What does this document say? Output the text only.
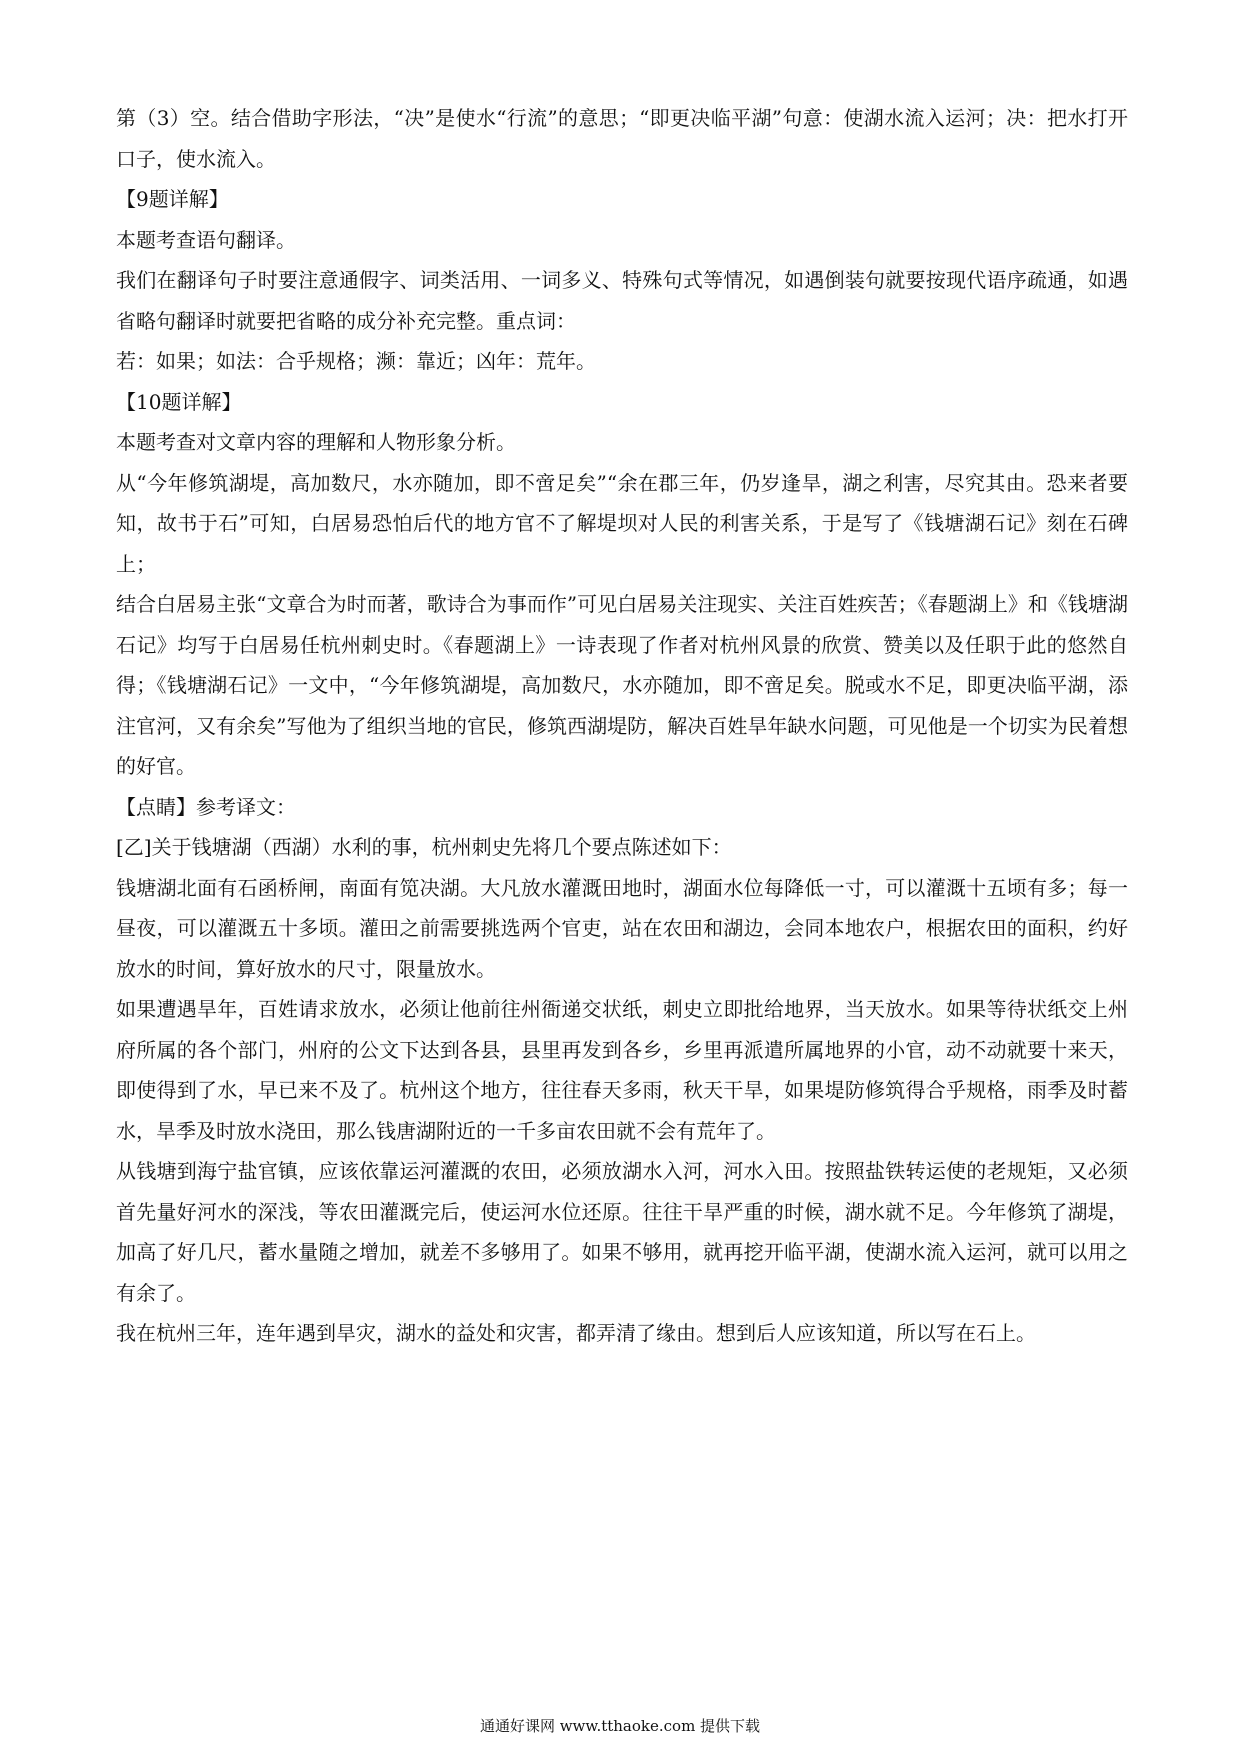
第（3）空。结合借助字形法，“决”是使水“行流”的意思；“即更决临平湖”句意：使湖水流入运河；决：把水打开口子，使水流入。

【9题详解】

本题考查语句翻译。

我们在翻译句子时要注意通假字、词类活用、一词多义、特殊句式等情况，如遇倒装句就要按现代语序疏通，如遇省略句翻译时就要把省略的成分补充完整。重点词：

若：如果；如法：合乎规格；濒：靠近；凶年：荒年。

【10题详解】

本题考查对文章内容的理解和人物形象分析。

从“今年修筑湖堤，高加数尺，水亦随加，即不啻足矣”“余在郡三年，仍岁逢旱，湖之利害，尽究其由。恐来者要知，故书于石”可知，白居易恐怕后代的地方官不了解堤坝对人民的利害关系，于是写了《钱塘湖石记》刻在石碑上；

结合白居易主张“文章合为时而著，歌诗合为事而作”可见白居易关注现实、关注百姓疾苦；《春题湖上》和《钱塘湖石记》均写于白居易任杭州刺史时。《春题湖上》一诗表现了作者对杭州风景的欣赏、赞美以及任职于此的悠然自得；《钱塘湖石记》一文中，“今年修筑湖堤，高加数尺，水亦随加，即不啻足矣。脱或水不足，即更决临平湖，添注官河，又有余矣”写他为了组织当地的官民，修筑西湖堤防，解决百姓旱年缺水问题，可见他是一个切实为民着想的好官。

【点睛】参考译文：

[乙]关于钱塘湖（西湖）水利的事，杭州刺史先将几个要点陈述如下：

钱塘湖北面有石函桥闸，南面有笕决湖。大凡放水灌溉田地时，湖面水位每降低一寸，可以灌溉十五顷有多；每一昼夜，可以灌溉五十多顷。灌田之前需要挑选两个官吏，站在农田和湖边，会同本地农户，根据农田的面积，约好放水的时间，算好放水的尺寸，限量放水。

如果遭遇旱年，百姓请求放水，必须让他前往州衙递交状纸，刺史立即批给地界，当天放水。如果等待状纸交上州府所属的各个部门，州府的公文下达到各县，县里再发到各乡，乡里再派遣所属地界的小官，动不动就要十来天，即使得到了水，早已来不及了。杭州这个地方，往往春天多雨，秋天干旱，如果堤防修筑得合乎规格，雨季及时蓄水，旱季及时放水浇田，那么钱唐湖附近的一千多亩农田就不会有荒年了。

从钱塘到海宁盐官镇，应该依靠运河灌溉的农田，必须放湖水入河，河水入田。按照盐铁转运使的老规矩，又必须首先量好河水的深浅，等农田灌溉完后，使运河水位还原。往往干旱严重的时候，湖水就不足。今年修筑了湖堤，加高了好几尺，蓄水量随之增加，就差不多够用了。如果不够用，就再挖开临平湖，使湖水流入运河，就可以用之有余了。

我在杭州三年，连年遇到旱灾，湖水的益处和灾害，都弄清了缘由。想到后人应该知道，所以写在石上。

通通好课网 www.tthaoke.com 提供下载
